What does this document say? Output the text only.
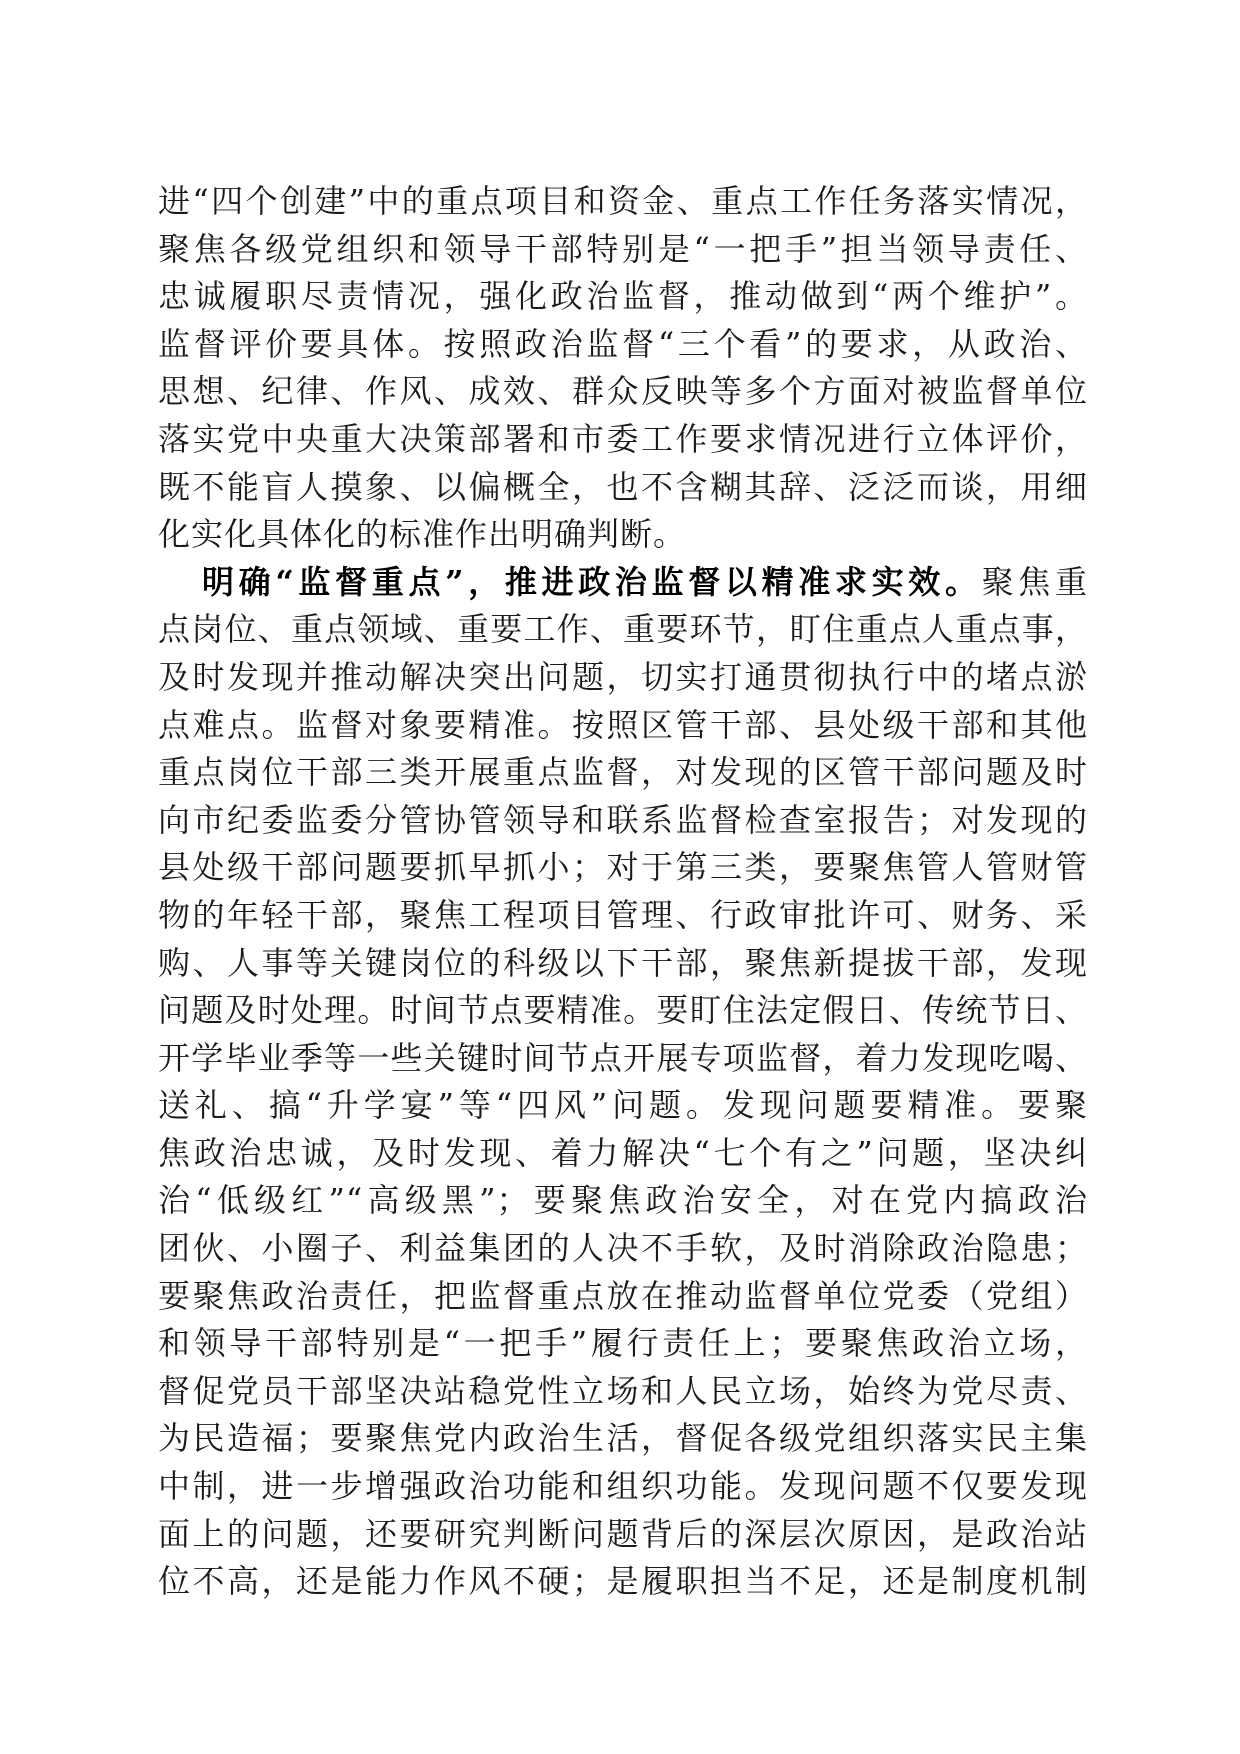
进“四个创建”中的重点项目和资金、重点工作任务落实情况，
聚焦各级党组织和领导干部特别是“一把手”担当领导责任、
忠诚履职尽责情况，强化政治监督，推动做到“两个维护”。
监督评价要具体。按照政治监督“三个看”的要求，从政治、
思想、纪律、作风、成效、群众反映等多个方面对被监督单位
落实党中央重大决策部署和市委工作要求情况进行立体评价，
既不能盲人摸象、以偏概全，也不含糊其辞、泛泛而谈，用细
化实化具体化的标准作出明确判断。
明确“监督重点”，推进政治监督以精准求实效。聚焦重
点岗位、重点领域、重要工作、重要环节，盯住重点人重点事，
及时发现并推动解决突出问题，切实打通贯彻执行中的堵点淤
点难点。监督对象要精准。按照区管干部、县处级干部和其他
重点岗位干部三类开展重点监督，对发现的区管干部问题及时
向市纪委监委分管协管领导和联系监督检查室报告；对发现的
县处级干部问题要抓早抓小；对于第三类，要聚焦管人管财管
物的年轻干部，聚焦工程项目管理、行政审批许可、财务、采
购、人事等关键岗位的科级以下干部，聚焦新提拔干部，发现
问题及时处理。时间节点要精准。要盯住法定假日、传统节日、
开学毕业季等一些关键时间节点开展专项监督，着力发现吃喝、
送礼、搞“升学宴”等“四风”问题。发现问题要精准。要聚
焦政治忠诚，及时发现、着力解决“七个有之”问题，坚决纠
治“低级红”“高级黑”；要聚焦政治安全，对在党内搞政治
团伙、小圈子、利益集团的人决不手软，及时消除政治隐患；
要聚焦政治责任，把监督重点放在推动监督单位党委（党组）
和领导干部特别是“一把手”履行责任上；要聚焦政治立场，
督促党员干部坚决站稳党性立场和人民立场，始终为党尽责、
为民造福；要聚焦党内政治生活，督促各级党组织落实民主集
中制，进一步增强政治功能和组织功能。发现问题不仅要发现
面上的问题，还要研究判断问题背后的深层次原因，是政治站
位不高，还是能力作风不硬；是履职担当不足，还是制度机制
